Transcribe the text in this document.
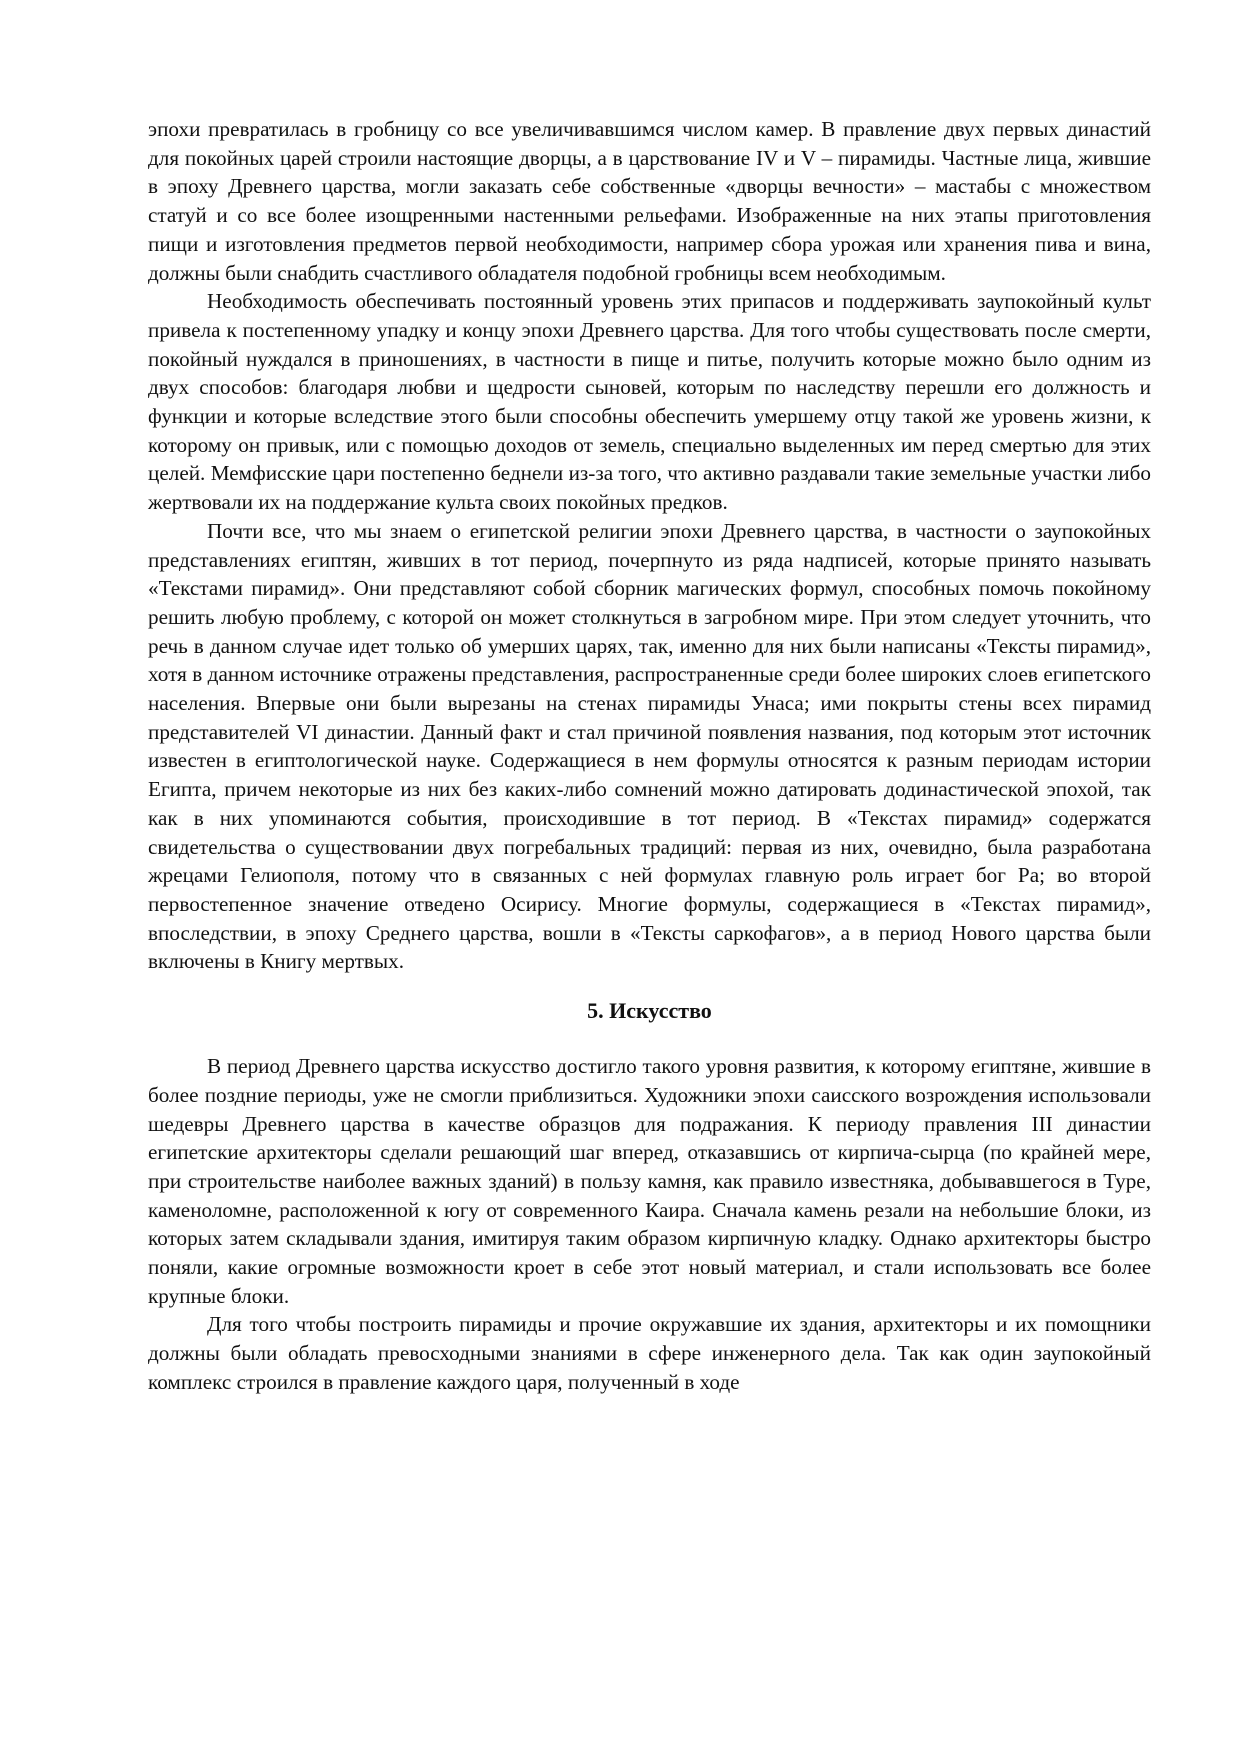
эпохи превратилась в гробницу со все увеличивавшимся числом камер. В правление двух первых династий для покойных царей строили настоящие дворцы, а в царствование IV и V – пирамиды. Частные лица, жившие в эпоху Древнего царства, могли заказать себе собственные «дворцы вечности» – мастабы с множеством статуй и со все более изощренными настенными рельефами. Изображенные на них этапы приготовления пищи и изготовления предметов первой необходимости, например сбора урожая или хранения пива и вина, должны были снабдить счастливого обладателя подобной гробницы всем необходимым.

Необходимость обеспечивать постоянный уровень этих припасов и поддерживать заупокойный культ привела к постепенному упадку и концу эпохи Древнего царства. Для того чтобы существовать после смерти, покойный нуждался в приношениях, в частности в пище и питье, получить которые можно было одним из двух способов: благодаря любви и щедрости сыновей, которым по наследству перешли его должность и функции и которые вследствие этого были способны обеспечить умершему отцу такой же уровень жизни, к которому он привык, или с помощью доходов от земель, специально выделенных им перед смертью для этих целей. Мемфисские цари постепенно беднели из-за того, что активно раздавали такие земельные участки либо жертвовали их на поддержание культа своих покойных предков.

Почти все, что мы знаем о египетской религии эпохи Древнего царства, в частности о заупокойных представлениях египтян, живших в тот период, почерпнуто из ряда надписей, которые принято называть «Текстами пирамид». Они представляют собой сборник магических формул, способных помочь покойному решить любую проблему, с которой он может столкнуться в загробном мире. При этом следует уточнить, что речь в данном случае идет только об умерших царях, так, именно для них были написаны «Тексты пирамид», хотя в данном источнике отражены представления, распространенные среди более широких слоев египетского населения. Впервые они были вырезаны на стенах пирамиды Унаса; ими покрыты стены всех пирамид представителей VI династии. Данный факт и стал причиной появления названия, под которым этот источник известен в египтологической науке. Содержащиеся в нем формулы относятся к разным периодам истории Египта, причем некоторые из них без каких-либо сомнений можно датировать додинастической эпохой, так как в них упоминаются события, происходившие в тот период. В «Текстах пирамид» содержатся свидетельства о существовании двух погребальных традиций: первая из них, очевидно, была разработана жрецами Гелиополя, потому что в связанных с ней формулах главную роль играет бог Ра; во второй первостепенное значение отведено Осирису. Многие формулы, содержащиеся в «Текстах пирамид», впоследствии, в эпоху Среднего царства, вошли в «Тексты саркофагов», а в период Нового царства были включены в Книгу мертвых.

5. Искусство

В период Древнего царства искусство достигло такого уровня развития, к которому египтяне, жившие в более поздние периоды, уже не смогли приблизиться. Художники эпохи саисского возрождения использовали шедевры Древнего царства в качестве образцов для подражания. К периоду правления III династии египетские архитекторы сделали решающий шаг вперед, отказавшись от кирпича-сырца (по крайней мере, при строительстве наиболее важных зданий) в пользу камня, как правило известняка, добывавшегося в Туре, каменоломне, расположенной к югу от современного Каира. Сначала камень резали на небольшие блоки, из которых затем складывали здания, имитируя таким образом кирпичную кладку. Однако архитекторы быстро поняли, какие огромные возможности кроет в себе этот новый материал, и стали использовать все более крупные блоки.

Для того чтобы построить пирамиды и прочие окружавшие их здания, архитекторы и их помощники должны были обладать превосходными знаниями в сфере инженерного дела. Так как один заупокойный комплекс строился в правление каждого царя, полученный в ходе
